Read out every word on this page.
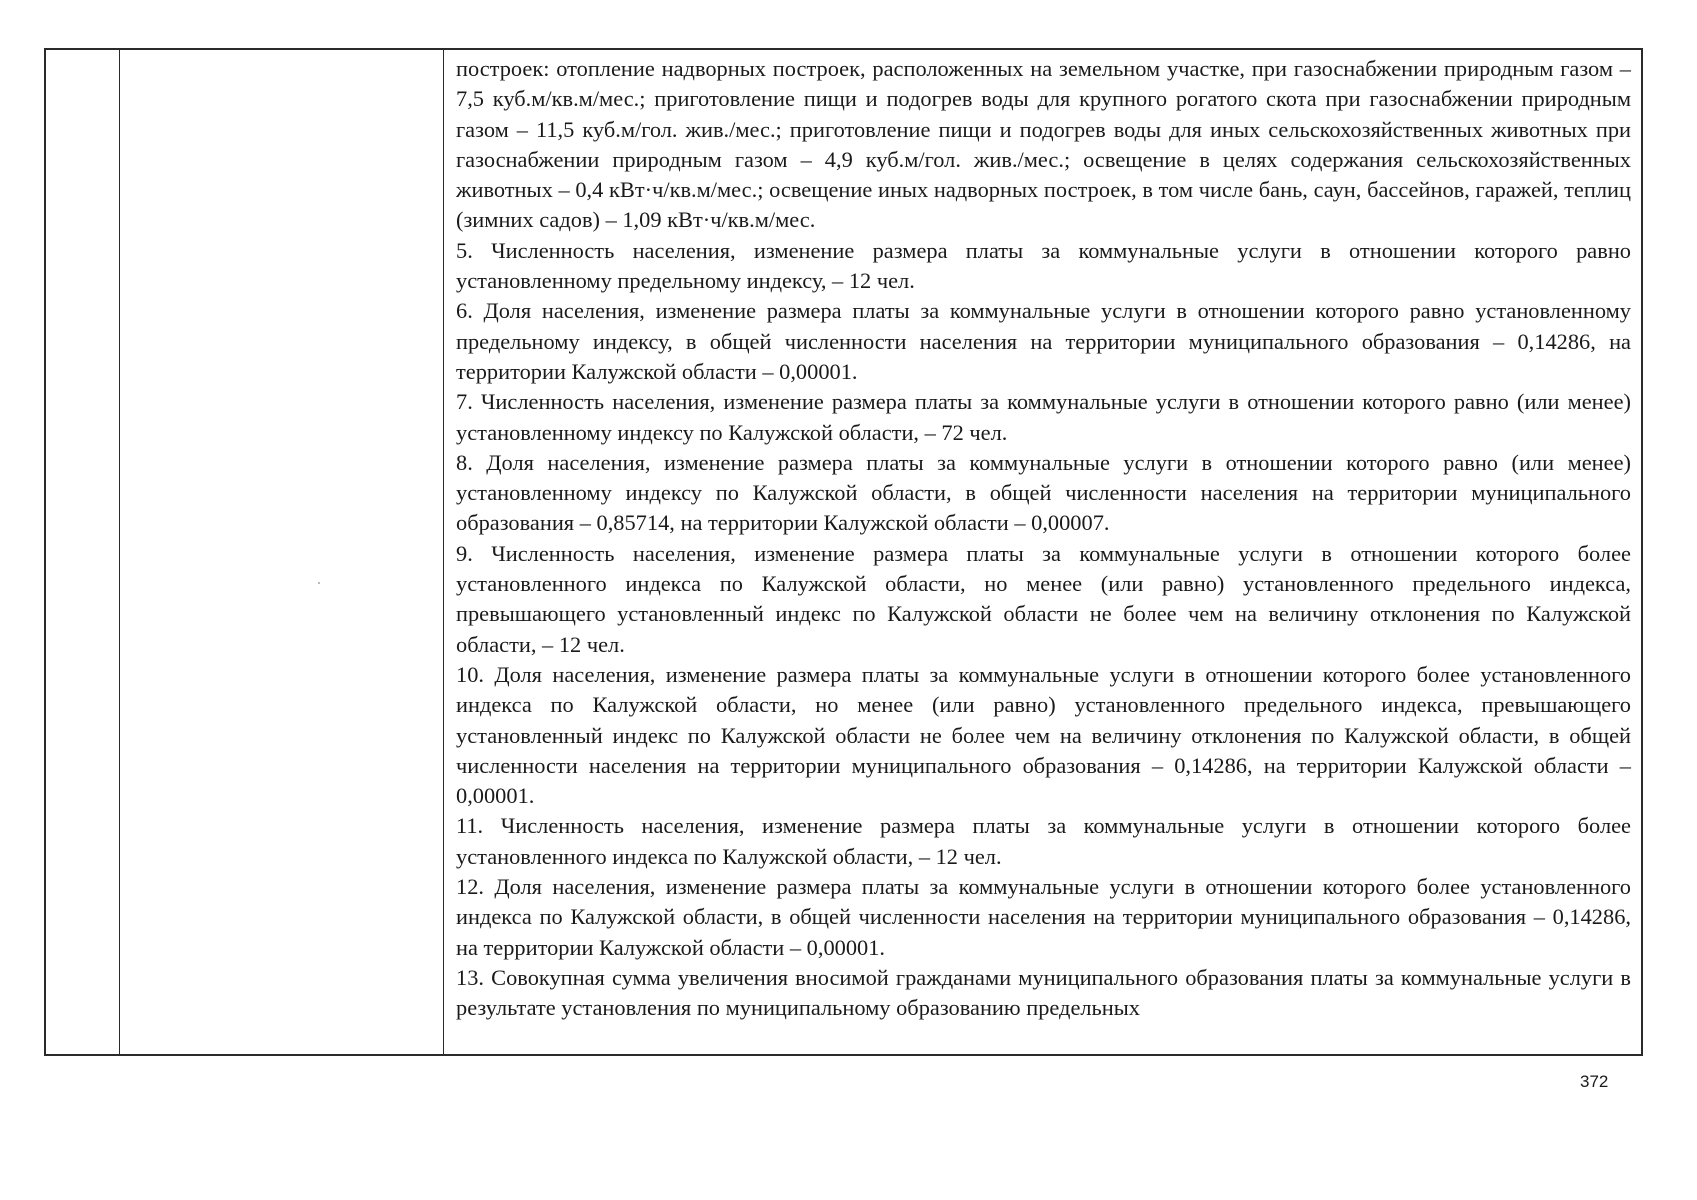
построек: отопление надворных построек, расположенных на земельном участке, при газоснабжении природным газом – 7,5 куб.м/кв.м/мес.; приготовление пищи и подогрев воды для крупного рогатого скота при газоснабжении природным газом – 11,5 куб.м/гол. жив./мес.; приготовление пищи и подогрев воды для иных сельскохозяйственных животных при газоснабжении природным газом – 4,9 куб.м/гол. жив./мес.; освещение в целях содержания сельскохозяйственных животных – 0,4 кВт·ч/кв.м/мес.; освещение иных надворных построек, в том числе бань, саун, бассейнов, гаражей, теплиц (зимних садов) – 1,09 кВт·ч/кв.м/мес.

5. Численность населения, изменение размера платы за коммунальные услуги в отношении которого равно установленному предельному индексу, – 12 чел.

6. Доля населения, изменение размера платы за коммунальные услуги в отношении которого равно установленному предельному индексу, в общей численности населения на территории муниципального образования – 0,14286, на территории Калужской области – 0,00001.

7. Численность населения, изменение размера платы за коммунальные услуги в отношении которого равно (или менее) установленному индексу по Калужской области, – 72 чел.

8. Доля населения, изменение размера платы за коммунальные услуги в отношении которого равно (или менее) установленному индексу по Калужской области, в общей численности населения на территории муниципального образования – 0,85714, на территории Калужской области – 0,00007.

9. Численность населения, изменение размера платы за коммунальные услуги в отношении которого более установленного индекса по Калужской области, но менее (или равно) установленного предельного индекса, превышающего установленный индекс по Калужской области не более чем на величину отклонения по Калужской области, – 12 чел.

10. Доля населения, изменение размера платы за коммунальные услуги в отношении которого более установленного индекса по Калужской области, но менее (или равно) установленного предельного индекса, превышающего установленный индекс по Калужской области не более чем на величину отклонения по Калужской области, в общей численности населения на территории муниципального образования – 0,14286, на территории Калужской области – 0,00001.

11. Численность населения, изменение размера платы за коммунальные услуги в отношении которого более установленного индекса по Калужской области, – 12 чел.

12. Доля населения, изменение размера платы за коммунальные услуги в отношении которого более установленного индекса по Калужской области, в общей численности населения на территории муниципального образования – 0,14286, на территории Калужской области – 0,00001.

13. Совокупная сумма увеличения вносимой гражданами муниципального образования платы за коммунальные услуги в результате установления по муниципальному образованию предельных

372
